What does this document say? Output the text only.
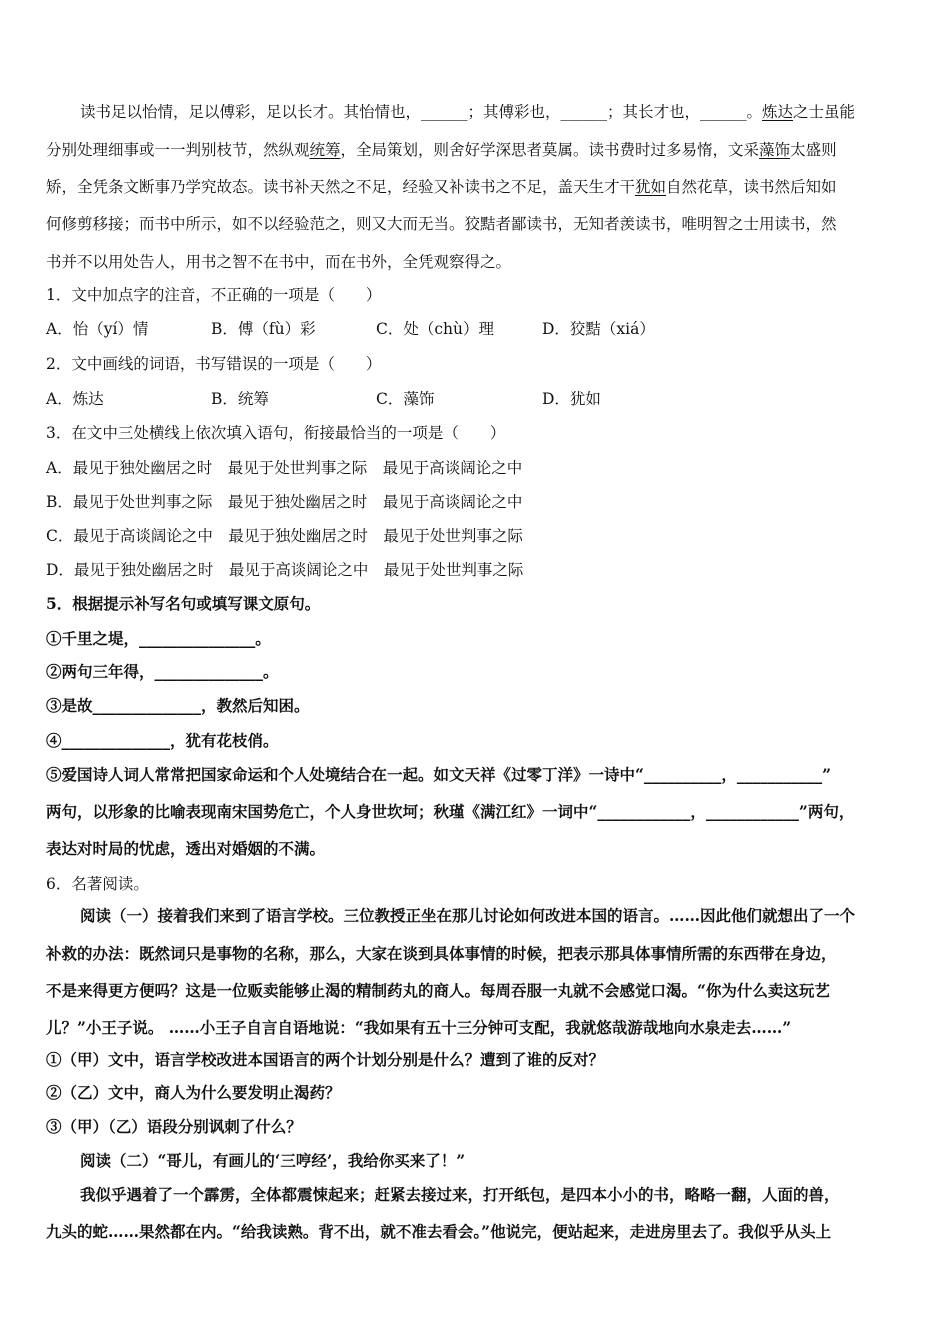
读书足以怡情，足以傅彩，足以长才。其怡情也，______；其傅彩也，______；其长才也，______。炼达之士虽能
分别处理细事或一一判别枝节，然纵观统筹，全局策划，则舍好学深思者莫属。读书费时过多易惰，文采藻饰太盛则
矫，全凭条文断事乃学究故态。读书补天然之不足，经验又补读书之不足，盖天生才干犹如自然花草，读书然后知如
何修剪移接；而书中所示，如不以经验范之，则又大而无当。狡黠者鄙读书，无知者羡读书，唯明智之士用读书，然
书并不以用处告人，用书之智不在书中，而在书外，全凭观察得之。
1．文中加点字的注音，不正确的一项是（　　）
A．怡（yí）情	B．傅（fù）彩	C．处（chù）理	D．狡黠（xiá）
2．文中画线的词语，书写错误的一项是（　　）
A．炼达	B．统筹	C．藻饰	D．犹如
3．在文中三处横线上依次填入语句，衔接最恰当的一项是（　　）
A．最见于独处幽居之时　最见于处世判事之际　最见于高谈阔论之中
B．最见于处世判事之际　最见于独处幽居之时　最见于高谈阔论之中
C．最见于高谈阔论之中　最见于独处幽居之时　最见于处世判事之际
D．最见于独处幽居之时　最见于高谈阔论之中　最见于处世判事之际
5．根据提示补写名句或填写课文原句。
①千里之堤，_______________。
②两句三年得，______________。
③是故______________，教然后知困。
④______________，犹有花枝俏。
⑤爱国诗人词人常常把国家命运和个人处境结合在一起。如文天祥《过零丁洋》一诗中“__________，___________”
两句，以形象的比喻表现南宋国势危亡，个人身世坎坷；秋瑾《满江红》一词中“____________，____________”两句，
表达对时局的忧虑，透出对婚姻的不满。
6．名著阅读。
阅读（一）接着我们来到了语言学校。三位教授正坐在那儿讨论如何改进本国的语言。……因此他们就想出了一个
补救的办法：既然词只是事物的名称，那么，大家在谈到具体事情的时候，把表示那具体事情所需的东西带在身边，
不是来得更方便吗？这是一位贩卖能够止渴的精制药丸的商人。每周吞服一丸就不会感觉口渴。“你为什么卖这玩艺
儿？”小王子说。 ……小王子自言自语地说：“我如果有五十三分钟可支配，我就悠哉游哉地向水泉走去……”
①（甲）文中，语言学校改进本国语言的两个计划分别是什么？遭到了谁的反对？
②（乙）文中，商人为什么要发明止渴药？
③（甲）（乙）语段分别讽刺了什么？
阅读（二）“哥儿，有画儿的‘三哼经’，我给你买来了！”
我似乎遇着了一个霹雳，全体都震悚起来；赶紧去接过来，打开纸包，是四本小小的书，略略一翻，人面的兽，
九头的蛇……果然都在内。“给我读熟。背不出，就不准去看会。”他说完，便站起来，走进房里去了。我似乎从头上
